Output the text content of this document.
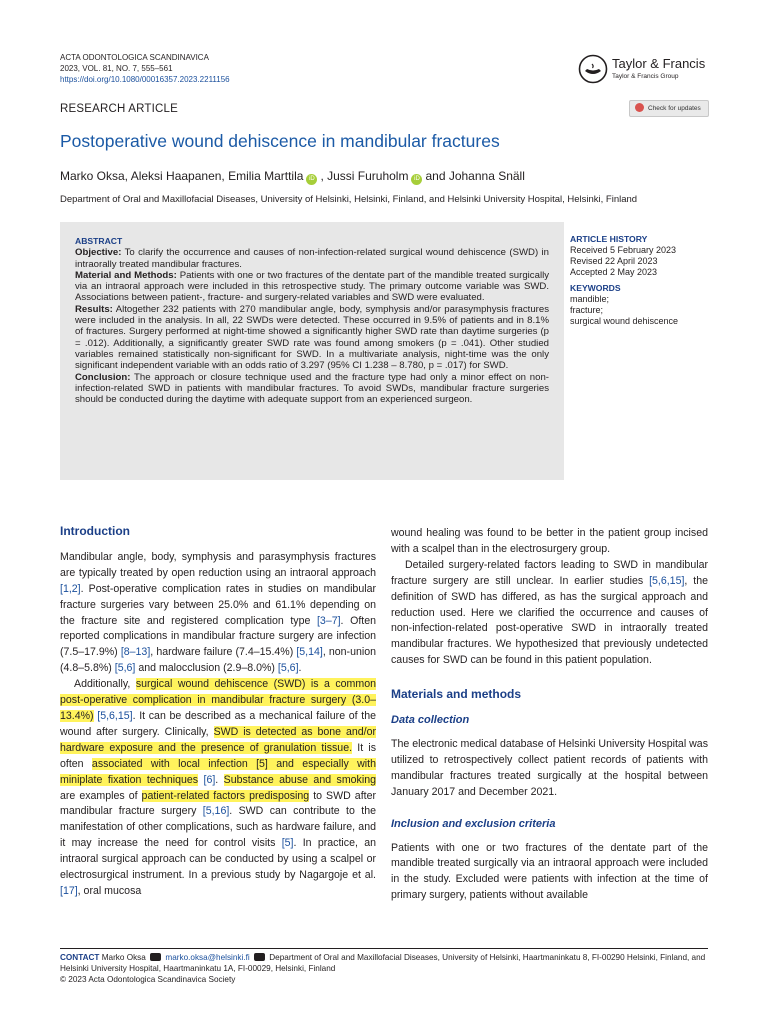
ACTA ODONTOLOGICA SCANDINAVICA
2023, VOL. 81, NO. 7, 555–561
https://doi.org/10.1080/00016357.2023.2211156
Taylor & Francis
Taylor & Francis Group
RESEARCH ARTICLE	Check for updates
Postoperative wound dehiscence in mandibular fractures
Marko Oksa, Aleksi Haapanen, Emilia Marttila iD , Jussi Furuholm iD and Johanna Snäll
Department of Oral and Maxillofacial Diseases, University of Helsinki, Helsinki, Finland, and Helsinki University Hospital, Helsinki, Finland
ABSTRACT

Objective: To clarify the occurrence and causes of non-infection-related surgical wound dehiscence (SWD) in intraorally treated mandibular fractures.

Material and Methods: Patients with one or two fractures of the dentate part of the mandible treated surgically via an intraoral approach were included in this retrospective study. The primary outcome variable was SWD. Associations between patient-, fracture- and surgery-related variables and SWD were evaluated.

Results: Altogether 232 patients with 270 mandibular angle, body, symphysis and/or parasymphysis fractures were included in the analysis. In all, 22 SWDs were detected. These occurred in 9.5% of patients and in 8.1% of fractures. Surgery performed at night-time showed a significantly higher SWD rate than daytime surgeries (p = .012). Additionally, a significantly greater SWD rate was found among smokers (p = .041). Other studied variables remained statistically non-significant for SWD. In a multivariate analysis, night-time was the only significant independent variable with an odds ratio of 3.297 (95% CI 1.238 – 8.780, p = .017) for SWD.

Conclusion: The approach or closure technique used and the fracture type had only a minor effect on non-infection-related SWD in patients with mandibular fractures. To avoid SWDs, mandibular fracture surgeries should be conducted during the daytime with adequate support from an experienced surgeon.

ARTICLE HISTORY
Received 5 February 2023
Revised 22 April 2023
Accepted 2 May 2023
KEYWORDS
mandible;
fracture;
surgical wound dehiscence
Introduction

Mandibular angle, body, symphysis and parasymphysis fractures are typically treated by open reduction using an intraoral approach [1,2]. Post-operative complication rates in studies on mandibular fracture surgeries vary between 25.0% and 61.1% depending on the fracture site and registered complication type [3–7]. Often reported complications in mandibular fracture surgery are infection (7.5–17.9%) [8–13], hardware failure (7.4–15.4%) [5,14], non-union (4.8–5.8%) [5,6] and malocclusion (2.9–8.0%) [5,6].

Additionally, surgical wound dehiscence (SWD) is a common post-operative complication in mandibular fracture surgery (3.0–13.4%) [5,6,15]. It can be described as a mechanical failure of the wound after surgery. Clinically, SWD is detected as bone and/or hardware exposure and the presence of granulation tissue. It is often associated with local infection [5] and especially with miniplate fixation techniques [6]. Substance abuse and smoking are examples of patient-related factors predisposing to SWD after mandibular fracture surgery [5,16]. SWD can contribute to the manifestation of other complications, such as hardware failure, and it may increase the need for control visits [5]. In practice, an intraoral surgical approach can be conducted by using a scalpel or electrosurgical instrument. In a previous study by Nagargoje et al. [17], oral mucosa

wound healing was found to be better in the patient group incised with a scalpel than in the electrosurgery group.

Detailed surgery-related factors leading to SWD in mandibular fracture surgery are still unclear. In earlier studies [5,6,15], the definition of SWD has differed, as has the surgical approach and reduction used. Here we clarified the occurrence and causes of non-infection-related post-operative SWD in intraorally treated mandibular fractures. We hypothesized that previously undetected causes for SWD can be found in this patient population.

Materials and methods
Data collection

The electronic medical database of Helsinki University Hospital was utilized to retrospectively collect patient records of patients with mandibular fractures treated surgically at the hospital between January 2017 and December 2021.

Inclusion and exclusion criteria

Patients with one or two fractures of the dentate part of the mandible treated surgically via an intraoral approach were included in the study. Excluded were patients with infection at the time of primary surgery, patients without available

CONTACT Marko Oksa  marko.oksa@helsinki.fi  Department of Oral and Maxillofacial Diseases, University of Helsinki, Haartmaninkatu 8, FI-00290 Helsinki, Finland, and Helsinki University Hospital, Haartmaninkatu 1A, FI-00029, Helsinki, Finland
© 2023 Acta Odontologica Scandinavica Society
